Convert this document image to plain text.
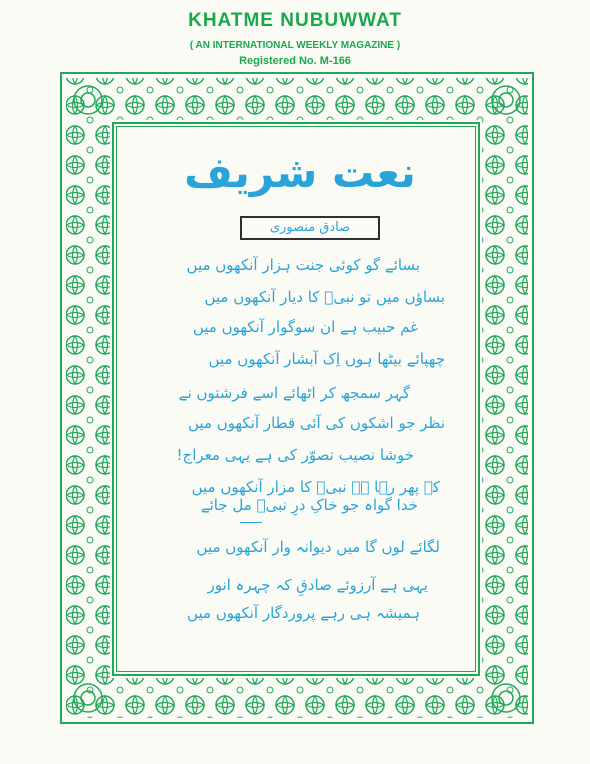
KHATME NUBUWWAT
( AN INTERNATIONAL WEEKLY MAGAZINE )
Registered No. M-166
نعت شریف
صادق منصوری
بسائے گو کوئی جنت ہزار آنکھوں میں
بساؤں میں تو نبیؐ کا دیار آنکھوں میں
غم حبیب ہے ان سوگوار آنکھوں میں
چھپائے بیٹھا ہوں اِک آبشار آنکھوں میں
گہر سمجھ کر اٹھائے اسے فرشتوں نے
نظر جو اشکوں کی آئی قطار آنکھوں میں
خوشا نصیب تصوّر کی ہے یہی معراج!
کہ پھر رہا ہے نبیؐ کا مزار آنکھوں میں
خدا گواہ جو خاکِ درِ نبیؐ مل جائے
لگائے لوں گا میں دیوانہ وار آنکھوں میں
یہی ہے آرزوئے صادقِ کہ چہرہ انور
ہمیشہ ہی رہے پروردگار آنکھوں میں
